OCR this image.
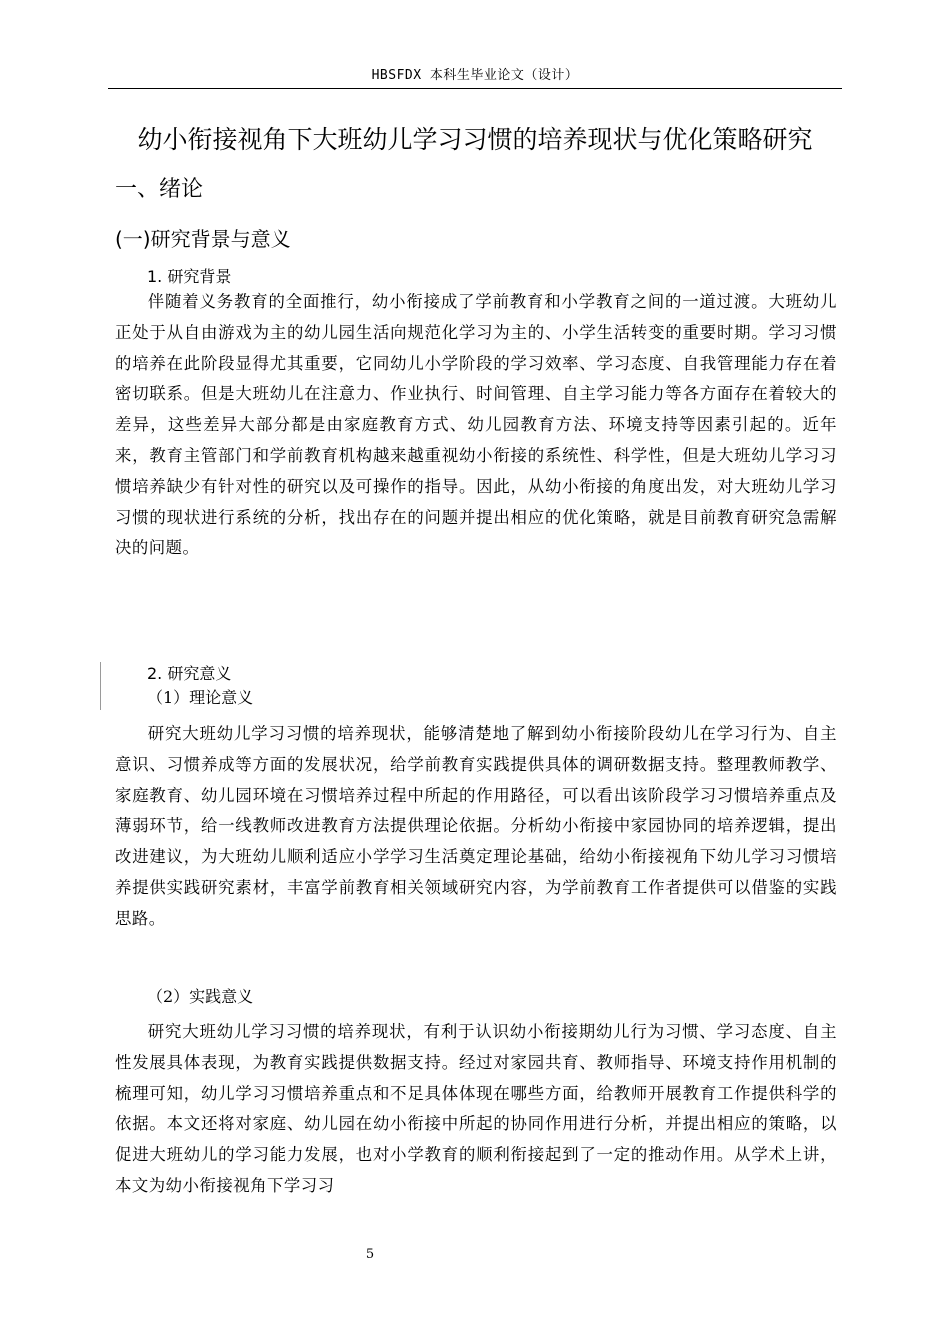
HBSFDX 本科生毕业论文（设计）
幼小衔接视角下大班幼儿学习习惯的培养现状与优化策略研究
一、绪论
(一)研究背景与意义
1. 研究背景

伴随着义务教育的全面推行，幼小衔接成了学前教育和小学教育之间的一道过渡。大班幼儿正处于从自由游戏为主的幼儿园生活向规范化学习为主的、小学生活转变的重要时期。学习习惯的培养在此阶段显得尤其重要，它同幼儿小学阶段的学习效率、学习态度、自我管理能力存在着密切联系。但是大班幼儿在注意力、作业执行、时间管理、自主学习能力等各方面存在着较大的差异，这些差异大部分都是由家庭教育方式、幼儿园教育方法、环境支持等因素引起的。近年来，教育主管部门和学前教育机构越来越重视幼小衔接的系统性、科学性，但是大班幼儿学习习惯培养缺少有针对性的研究以及可操作的指导。因此，从幼小衔接的角度出发，对大班幼儿学习习惯的现状进行系统的分析，找出存在的问题并提出相应的优化策略，就是目前教育研究急需解决的问题。

2. 研究意义
（1）理论意义

研究大班幼儿学习习惯的培养现状，能够清楚地了解到幼小衔接阶段幼儿在学习行为、自主意识、习惯养成等方面的发展状况，给学前教育实践提供具体的调研数据支持。整理教师教学、家庭教育、幼儿园环境在习惯培养过程中所起的作用路径，可以看出该阶段学习习惯培养重点及薄弱环节，给一线教师改进教育方法提供理论依据。分析幼小衔接中家园协同的培养逻辑，提出改进建议，为大班幼儿顺利适应小学学习生活奠定理论基础，给幼小衔接视角下幼儿学习习惯培养提供实践研究素材，丰富学前教育相关领域研究内容，为学前教育工作者提供可以借鉴的实践思路。

（2）实践意义

研究大班幼儿学习习惯的培养现状，有利于认识幼小衔接期幼儿行为习惯、学习态度、自主性发展具体表现，为教育实践提供数据支持。经过对家园共育、教师指导、环境支持作用机制的梳理可知，幼儿学习习惯培养重点和不足具体体现在哪些方面，给教师开展教育工作提供科学的依据。本文还将对家庭、幼儿园在幼小衔接中所起的协同作用进行分析，并提出相应的策略，以促进大班幼儿的学习能力发展，也对小学教育的顺利衔接起到了一定的推动作用。从学术上讲，本文为幼小衔接视角下学习习

5
